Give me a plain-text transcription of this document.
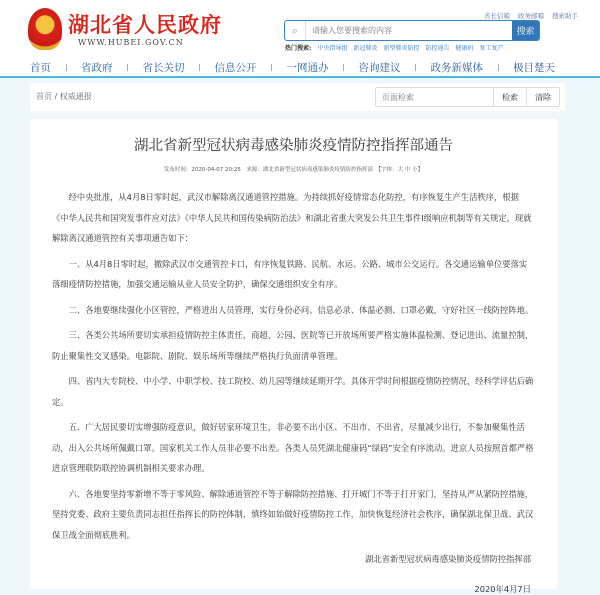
湖北省人民政府
WWW.HUBEI.GOV.CN
省长信箱 政务邮箱 搜索助手
⌕
请输入您要搜索的内容	搜索
热门搜索: 中央指导组 新冠肺炎 新型肺炎防控 防控通告 健康码 复工复产
首页	省政府	省长关切	信息公开	一网通办	咨询建议	政务新媒体	极目楚天
首页 / 权威通报
页面检索	检索	清除
湖北省新型冠状病毒感染肺炎疫情防控指挥部通告
发布时间：2020-04-07 20:25　来源：湖北省新型冠状病毒感染肺炎疫情防控指挥部　【字体：大 中 小】

经中央批准，从4月8日零时起，武汉市解除离汉通道管控措施。为持续抓好疫情常态化防控，有序恢复生产生活秩序，根据《中华人民共和国突发事件应对法》《中华人民共和国传染病防治法》和湖北省重大突发公共卫生事件I级响应机制等有关规定，现就解除离汉通道管控有关事项通告如下：

一、从4月8日零时起，撤除武汉市交通管控卡口，有序恢复铁路、民航、水运、公路、城市公交运行。各交通运输单位要落实落细疫情防控措施，加强交通运输从业人员安全防护，确保交通组织安全有序。

二、各地要继续强化小区管控，严格进出人员管理，实行身份必问、信息必录、体温必测、口罩必戴，守好社区一线防控阵地。

三、各类公共场所要切实承担疫情防控主体责任，商超、公园、医院等已开放场所要严格实施体温检测、登记进出、流量控制，防止聚集性交叉感染。电影院、剧院、娱乐场所等继续严格执行负面清单管理。

四、省内大专院校、中小学、中职学校、技工院校、幼儿园等继续延期开学。具体开学时间根据疫情防控情况，经科学评估后确定。

五、广大居民要切实增强防疫意识，做好居家环境卫生，非必要不出小区、不出市、不出省，尽量减少出行，不参加聚集性活动，出入公共场所佩戴口罩。国家机关工作人员非必要不出差。各类人员凭湖北健康码“绿码”安全有序流动。进京人员按照首都严格进京管理联防联控协调机制相关要求办理。

六、各地要坚持零新增不等于零风险、解除通道管控不等于解除防控措施、打开城门不等于打开家门，坚持从严从紧防控措施，坚持党委、政府主要负责同志担任指挥长的防控体制，慎终如始做好疫情防控工作，加快恢复经济社会秩序，确保湖北保卫战、武汉保卫战全面彻底胜利。

湖北省新型冠状病毒感染肺炎疫情防控指挥部
2020年4月7日
